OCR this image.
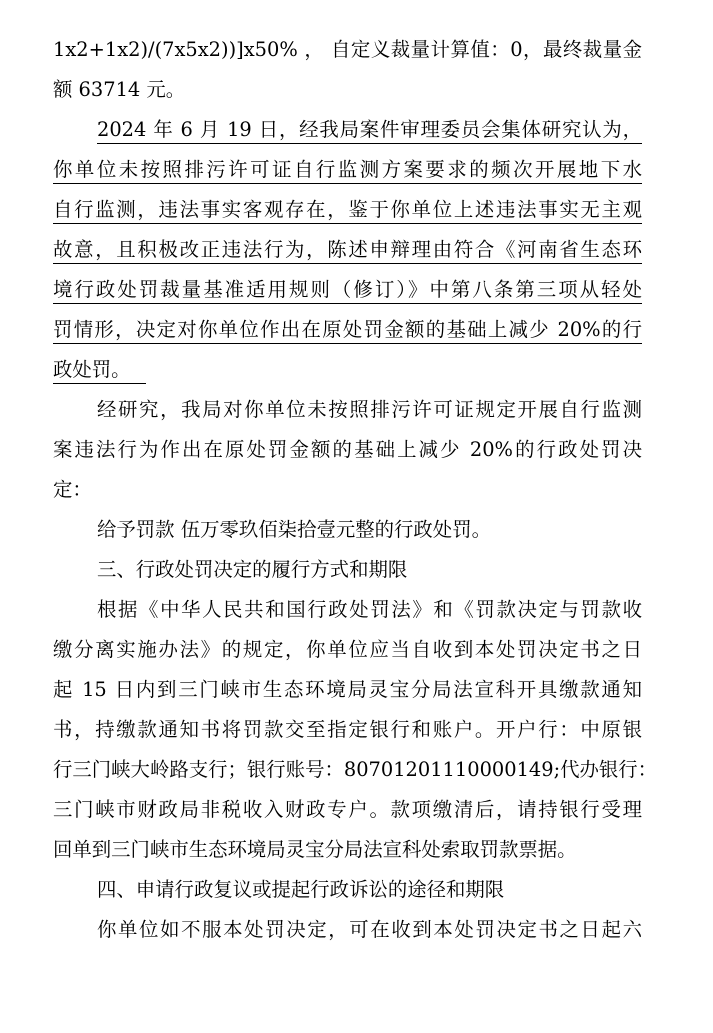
1x2+1x2)/(7x5x2))]x50% ， 自定义裁量计算值：0，最终裁量金
额 63714 元。
2024 年 6 月 19 日，经我局案件审理委员会集体研究认为，
你单位未按照排污许可证自行监测方案要求的频次开展地下水
自行监测，违法事实客观存在，鉴于你单位上述违法事实无主观
故意，且积极改正违法行为，陈述申辩理由符合《河南省生态环
境行政处罚裁量基准适用规则（修订）》中第八条第三项从轻处
罚情形，决定对你单位作出在原处罚金额的基础上减少 20%的行
政处罚。
经研究，我局对你单位未按照排污许可证规定开展自行监测
案违法行为作出在原处罚金额的基础上减少 20%的行政处罚决
定：
给予罚款 伍万零玖佰柒拾壹元整的行政处罚。
三、行政处罚决定的履行方式和期限
根据《中华人民共和国行政处罚法》和《罚款决定与罚款收
缴分离实施办法》的规定，你单位应当自收到本处罚决定书之日
起 15 日内到三门峡市生态环境局灵宝分局法宣科开具缴款通知
书，持缴款通知书将罚款交至指定银行和账户。开户行：中原银
行三门峡大岭路支行；银行账号：80701201110000149;代办银行：
三门峡市财政局非税收入财政专户。款项缴清后，请持银行受理
回单到三门峡市生态环境局灵宝分局法宣科处索取罚款票据。
四、申请行政复议或提起行政诉讼的途径和期限
你单位如不服本处罚决定，可在收到本处罚决定书之日起六
